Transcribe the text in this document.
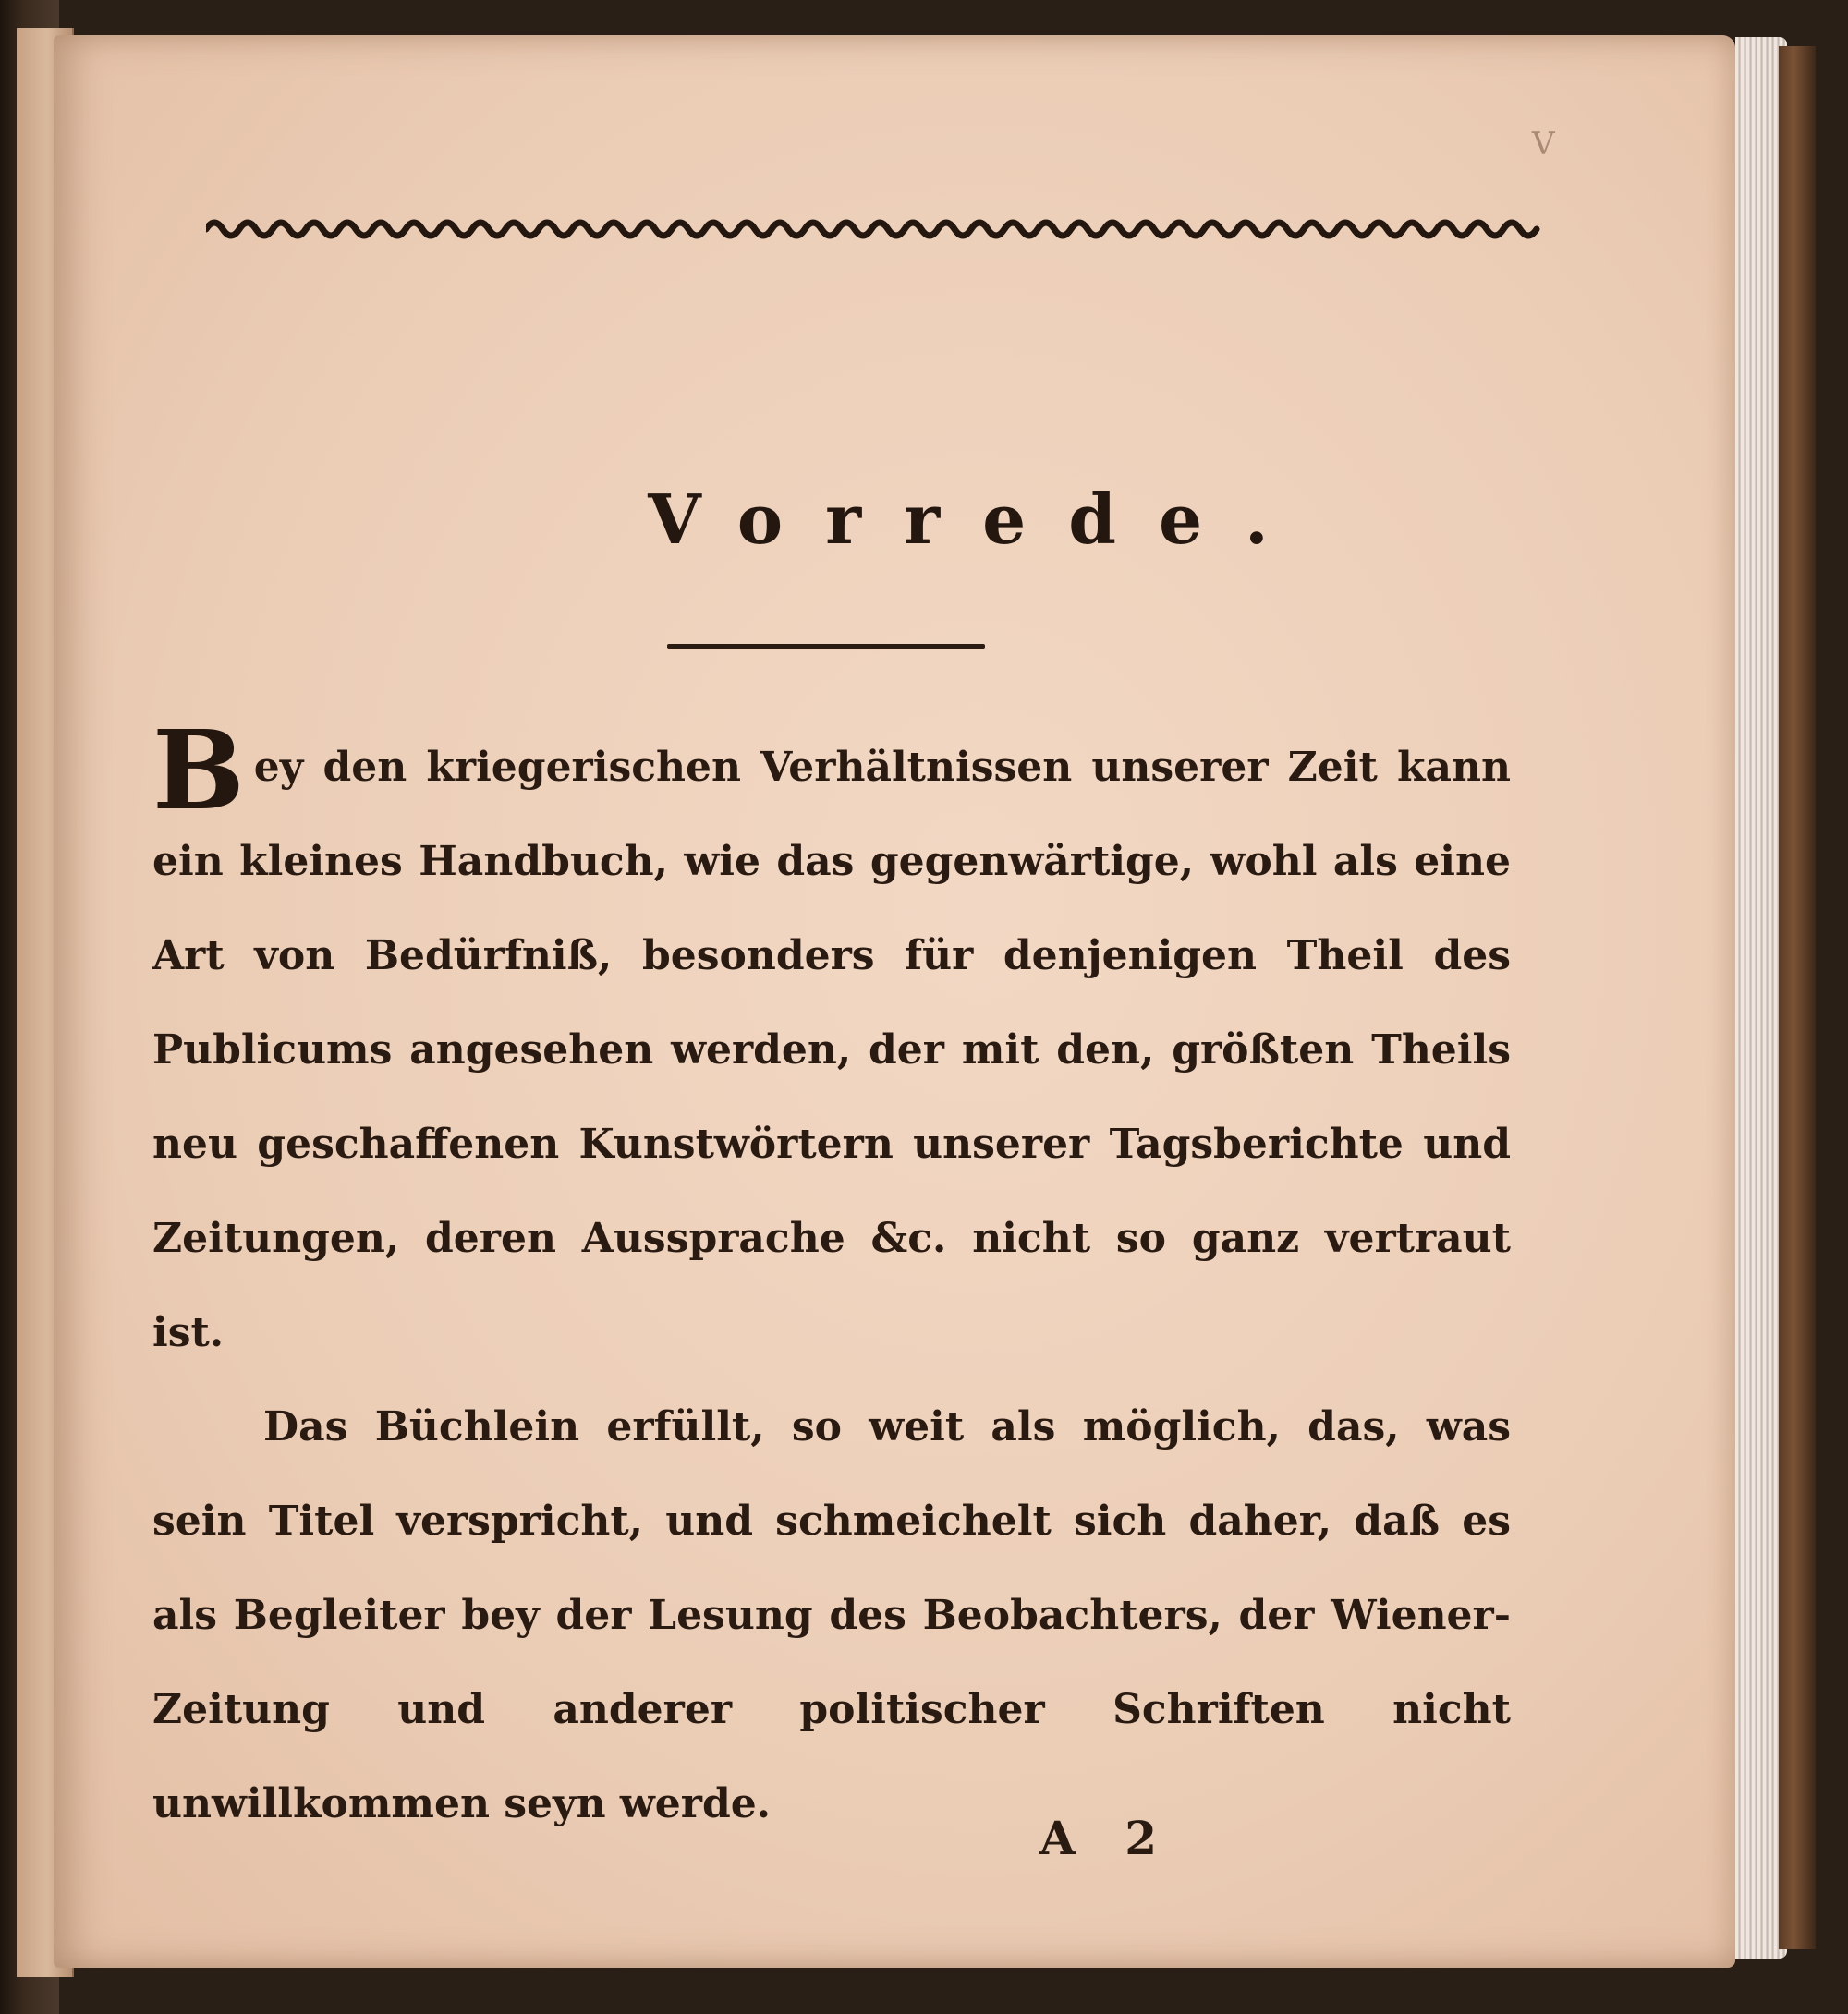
V
Vorrede.

Bey den kriegerischen Verhältnissen unserer Zeit kann ein kleines Handbuch, wie das gegenwärtige, wohl als eine Art von Bedürfniß, besonders für denjenigen Theil des Publicums angesehen werden, der mit den, größten Theils neu geschaffenen Kunstwörtern unserer Tagsberichte und Zeitungen, deren Aussprache &c. nicht so ganz vertraut ist.

Das Büchlein erfüllt, so weit als möglich, das, was sein Titel verspricht, und schmeichelt sich daher, daß es als Begleiter bey der Lesung des Beobachters, der Wiener-Zeitung und anderer politischer Schriften nicht unwillkommen seyn werde.

A 2
